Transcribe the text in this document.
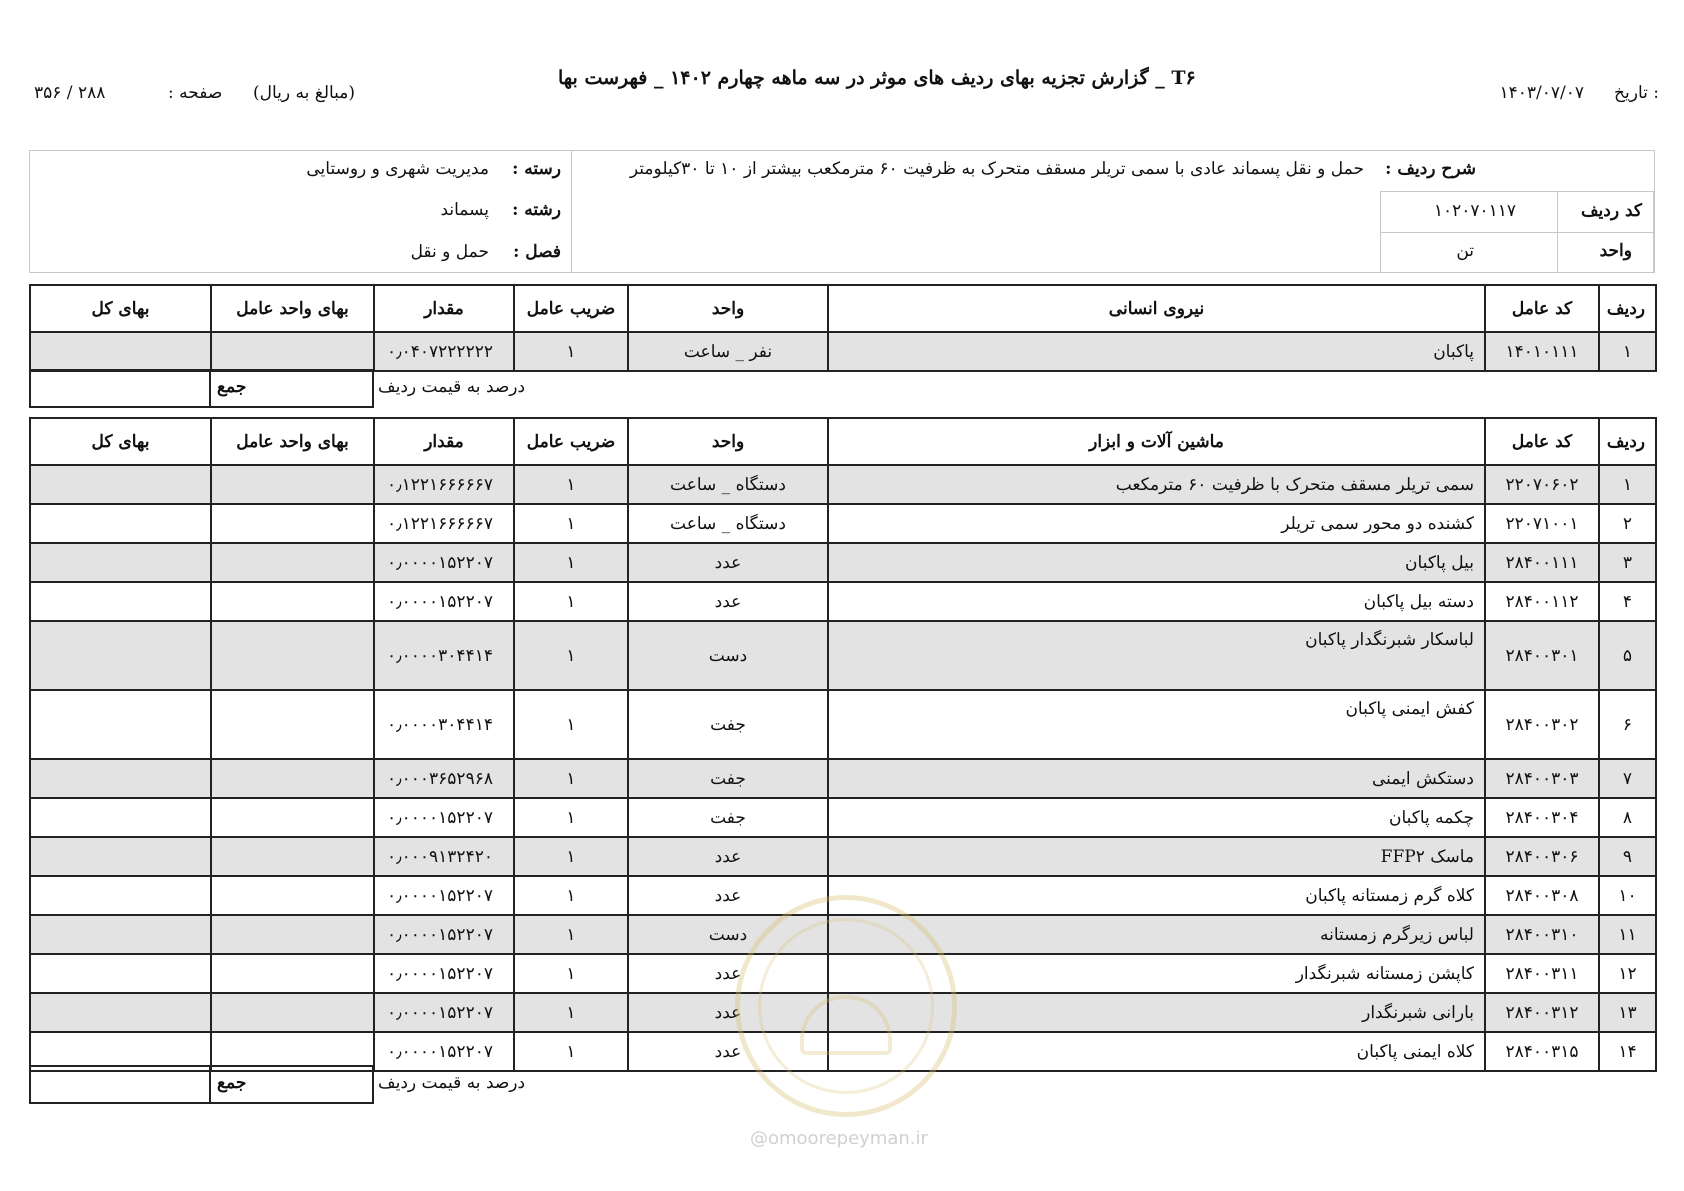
تاریخ :
۱۴۰۳/۰۷/۰۷
T۶ _ گزارش تجزیه بهای ردیف های موثر در سه ماهه چهارم ۱۴۰۲ _ فهرست بها
(مبالغ به ریال)
صفحه :
۲۸۸ / ۳۵۶
شرح ردیف :
حمل و نقل پسماند عادی با سمی تریلر مسقف متحرک به ظرفیت ۶۰ مترمکعب بیشتر از ۱۰ تا ۳۰کیلومتر
کد ردیف
۱۰۲۰۷۰۱۱۷
واحد
تن
رسته :
مدیریت شهری و روستایی
رشته :
پسماند
فصل :
حمل و نقل
ردیف	کد عامل	نیروی انسانی	واحد	ضریب عامل	مقدار	بهای واحد عامل	بهای کل
۱	۱۴۰۱۰۱۱۱	پاکبان	نفر _ ساعت	۱	۰٫۰۴۰۷۲۲۲۲۲۲		
جمع	درصد به قیمت ردیف
ردیف	کد عامل	ماشین آلات و ابزار	واحد	ضریب عامل	مقدار	بهای واحد عامل	بهای کل
۱	۲۲۰۷۰۶۰۲	سمی تریلر مسقف متحرک با ظرفیت ۶۰ مترمکعب	دستگاه _ ساعت	۱	۰٫۱۲۲۱۶۶۶۶۶۷		
۲	۲۲۰۷۱۰۰۱	کشنده دو محور سمی تریلر	دستگاه _ ساعت	۱	۰٫۱۲۲۱۶۶۶۶۶۷		
۳	۲۸۴۰۰۱۱۱	بیل پاکبان	عدد	۱	۰٫۰۰۰۰۱۵۲۲۰۷		
۴	۲۸۴۰۰۱۱۲	دسته بیل پاکبان	عدد	۱	۰٫۰۰۰۰۱۵۲۲۰۷		
۵	۲۸۴۰۰۳۰۱	لباسکار شبرنگدار پاکبان	دست	۱	۰٫۰۰۰۰۳۰۴۴۱۴		
۶	۲۸۴۰۰۳۰۲	کفش ایمنی پاکبان	جفت	۱	۰٫۰۰۰۰۳۰۴۴۱۴		
۷	۲۸۴۰۰۳۰۳	دستکش ایمنی	جفت	۱	۰٫۰۰۰۳۶۵۲۹۶۸		
۸	۲۸۴۰۰۳۰۴	چکمه پاکبان	جفت	۱	۰٫۰۰۰۰۱۵۲۲۰۷		
۹	۲۸۴۰۰۳۰۶	ماسک FFP۲	عدد	۱	۰٫۰۰۰۹۱۳۲۴۲۰		
۱۰	۲۸۴۰۰۳۰۸	کلاه گرم زمستانه پاکبان	عدد	۱	۰٫۰۰۰۰۱۵۲۲۰۷		
۱۱	۲۸۴۰۰۳۱۰	لباس زیرگرم زمستانه	دست	۱	۰٫۰۰۰۰۱۵۲۲۰۷		
۱۲	۲۸۴۰۰۳۱۱	کاپشن زمستانه شبرنگدار	عدد	۱	۰٫۰۰۰۰۱۵۲۲۰۷		
۱۳	۲۸۴۰۰۳۱۲	بارانی شبرنگدار	عدد	۱	۰٫۰۰۰۰۱۵۲۲۰۷		
۱۴	۲۸۴۰۰۳۱۵	کلاه ایمنی پاکبان	عدد	۱	۰٫۰۰۰۰۱۵۲۲۰۷		
جمع	درصد به قیمت ردیف
@omoorepeyman.ir
